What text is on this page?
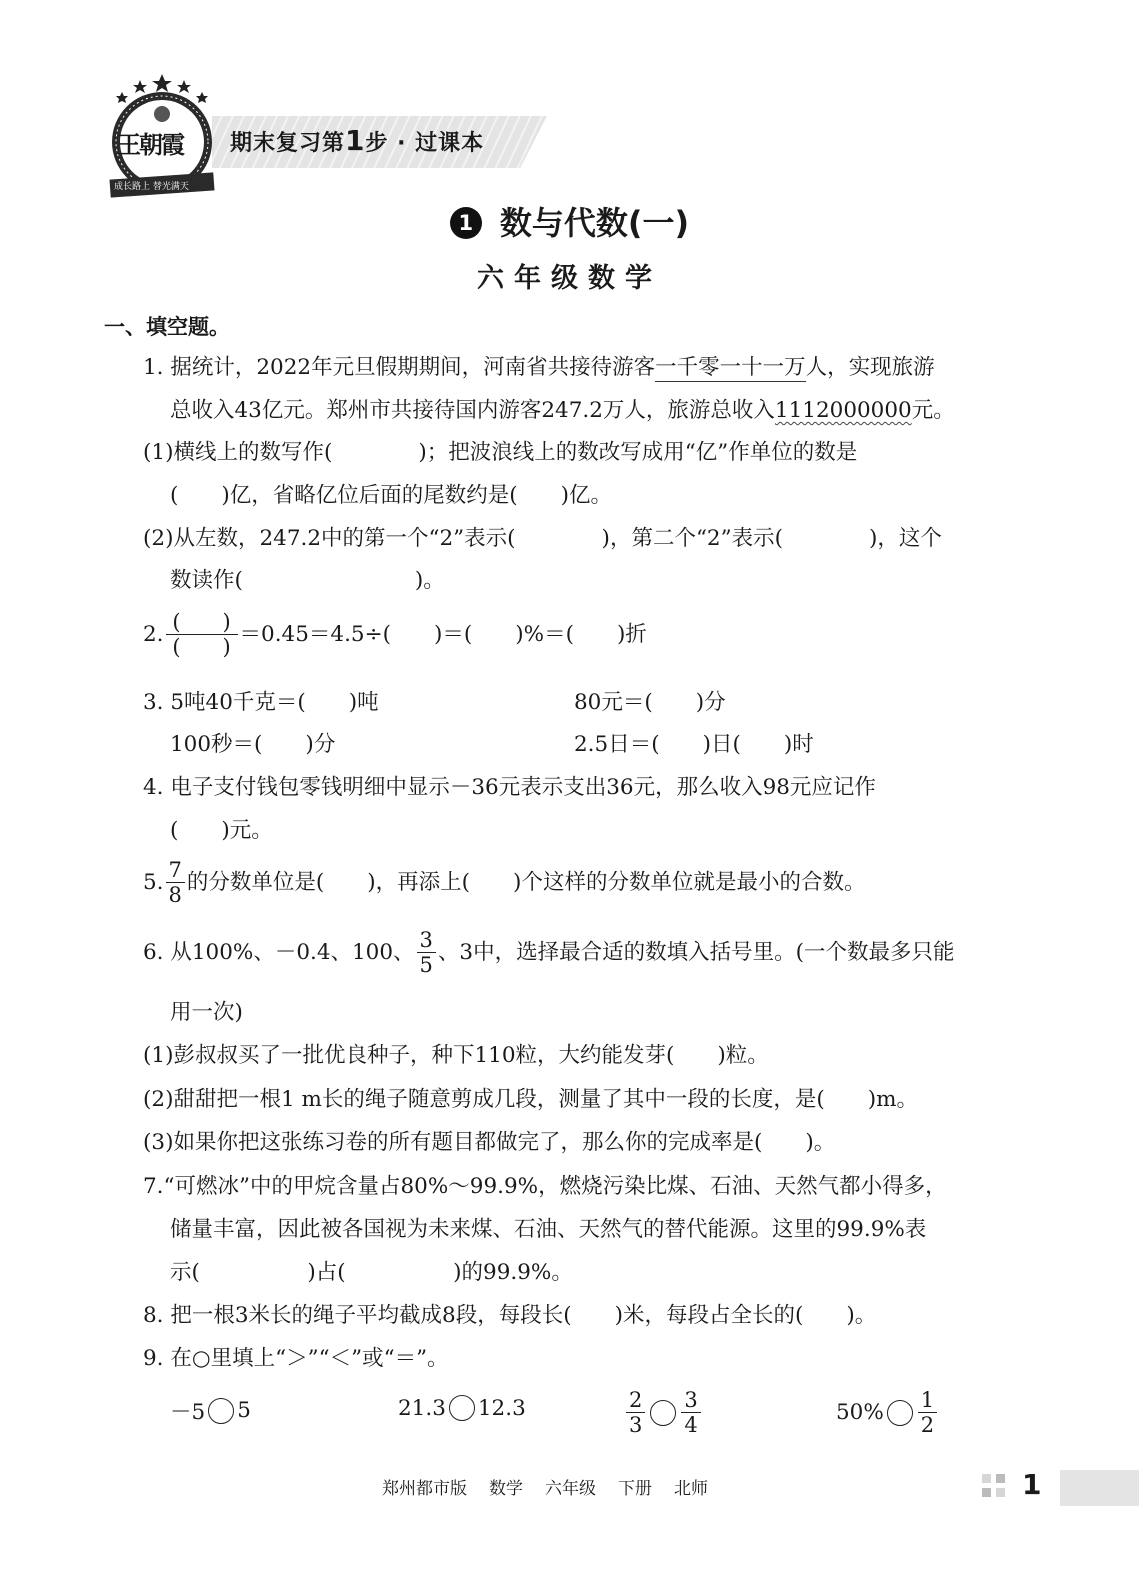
王朝霞
成长路上 替光满天
期末复习第1步 · 过课本
1 数与代数(一)
六年级数学
一、填空题。
1. 据统计，2022年元旦假期期间，河南省共接待游客一千零一十一万人，实现旅游
总收入43亿元。郑州市共接待国内游客247.2万人，旅游总收入1112000000元。
(1)横线上的数写作(　　　　)；把波浪线上的数改写成用“亿”作单位的数是
(　　)亿，省略亿位后面的尾数约是(　　)亿。
(2)从左数，247.2中的第一个“2”表示(　　　　)，第二个“2”表示(　　　　)，这个
数读作(　　　　　　　　)。
2. $\frac{( )}{( )} =0.45=4.5\div$(　　)＝(　　)%＝(　　)折
3. 5吨40千克＝(　　)吨	80元＝(　　)分
100秒＝(　　)分	2.5日＝(　　)日(　　)时
4. 电子支付钱包零钱明细中显示－36元表示支出36元，那么收入98元应记作
(　　)元。
5. $\frac{7}{8}$ 的分数单位是(　　)，再添上(　　)个这样的分数单位就是最小的合数。
6. 从100%、－0.4、100、 $\frac{3}{5}$ 、3中，选择最合适的数填入括号里。(一个数最多只能
用一次)
(1)彭叔叔买了一批优良种子，种下110粒，大约能发芽(　　)粒。
(2)甜甜把一根1 m长的绳子随意剪成几段，测量了其中一段的长度，是(　　)m。
(3)如果你把这张练习卷的所有题目都做完了，那么你的完成率是(　　)。
7.“可燃冰”中的甲烷含量占80%～99.9%，燃烧污染比煤、石油、天然气都小得多，
储量丰富，因此被各国视为未来煤、石油、天然气的替代能源。这里的99.9%表
示(　　　　　)占(　　　　　)的99.9%。
8. 把一根3米长的绳子平均截成8段，每段长(　　)米，每段占全长的(　　)。
9. 在○里填上“＞”“＜”或“＝”。
－5 5	21.3 12.3	$\frac{2}{3} \frac{3}{4}$	$50\% \frac{1}{2}$
郑州都市版 数学 六年级 下册 北师	1
